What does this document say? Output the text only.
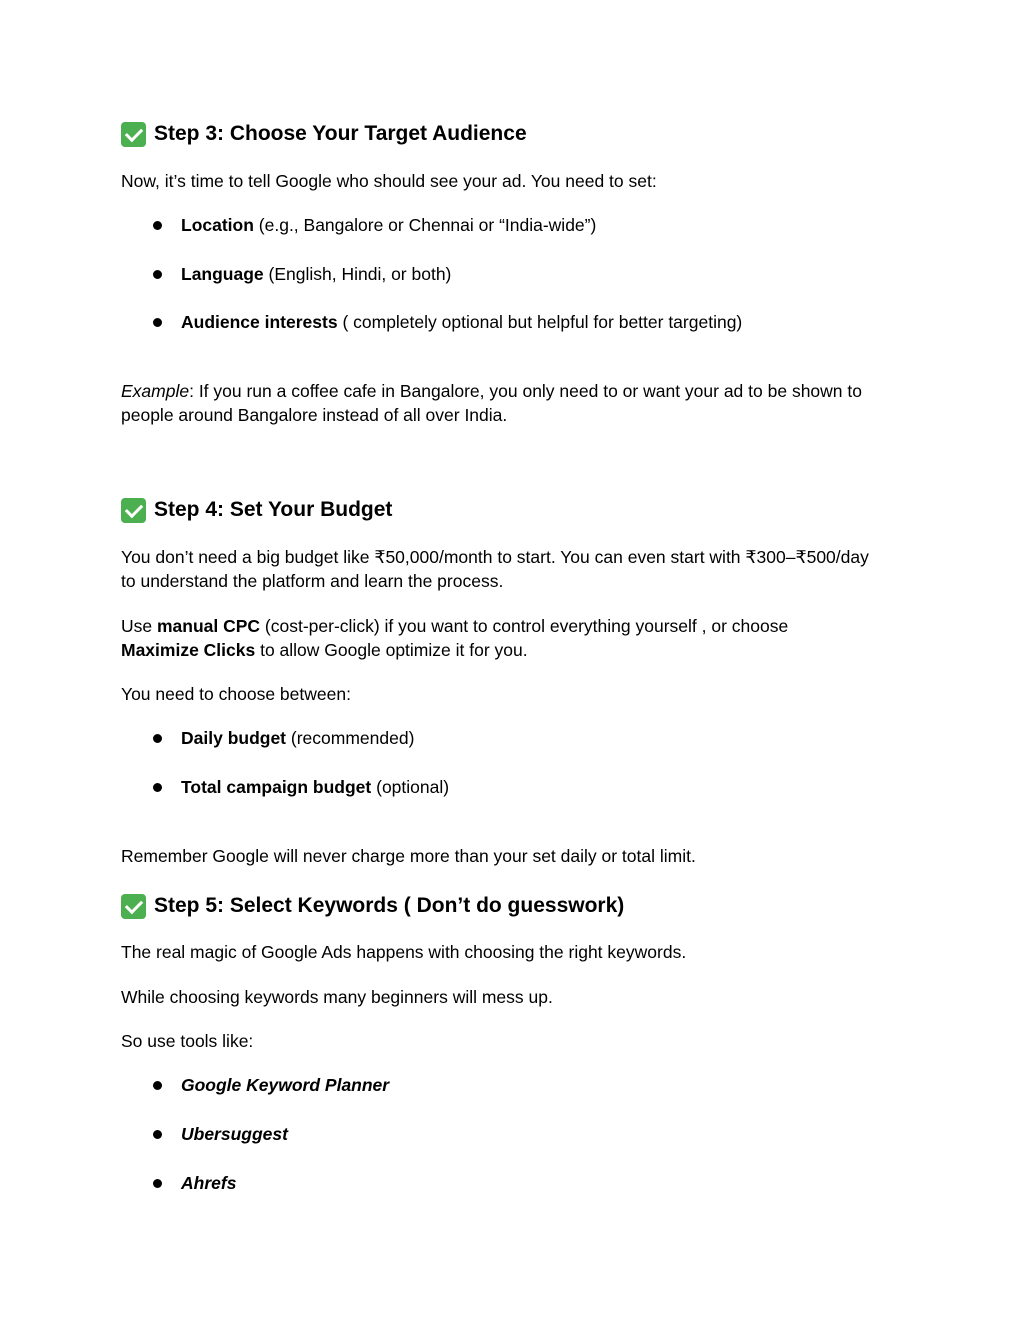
Step 3: Choose Your Target Audience
Now, it’s time to tell Google who should see your ad. You need to set:
Location (e.g., Bangalore or Chennai or “India-wide”)
Language (English, Hindi, or both)
Audience interests ( completely optional but helpful for better targeting)
Example: If you run a coffee cafe in Bangalore, you only need to or want your ad to be shown to
people around Bangalore instead of all over India.
Step 4: Set Your Budget
You don’t need a big budget like ₹50,000/month to start. You can even start with ₹300–₹500/day
to understand the platform and learn the process.
Use manual CPC (cost-per-click) if you want to control everything yourself , or choose
Maximize Clicks to allow Google optimize it for you.
You need to choose between:
Daily budget (recommended)
Total campaign budget (optional)
Remember Google will never charge more than your set daily or total limit.
Step 5: Select Keywords ( Don’t do guesswork)
The real magic of Google Ads happens with choosing the right keywords.
While choosing keywords many beginners will mess up.
So use tools like:
Google Keyword Planner
Ubersuggest
Ahrefs
